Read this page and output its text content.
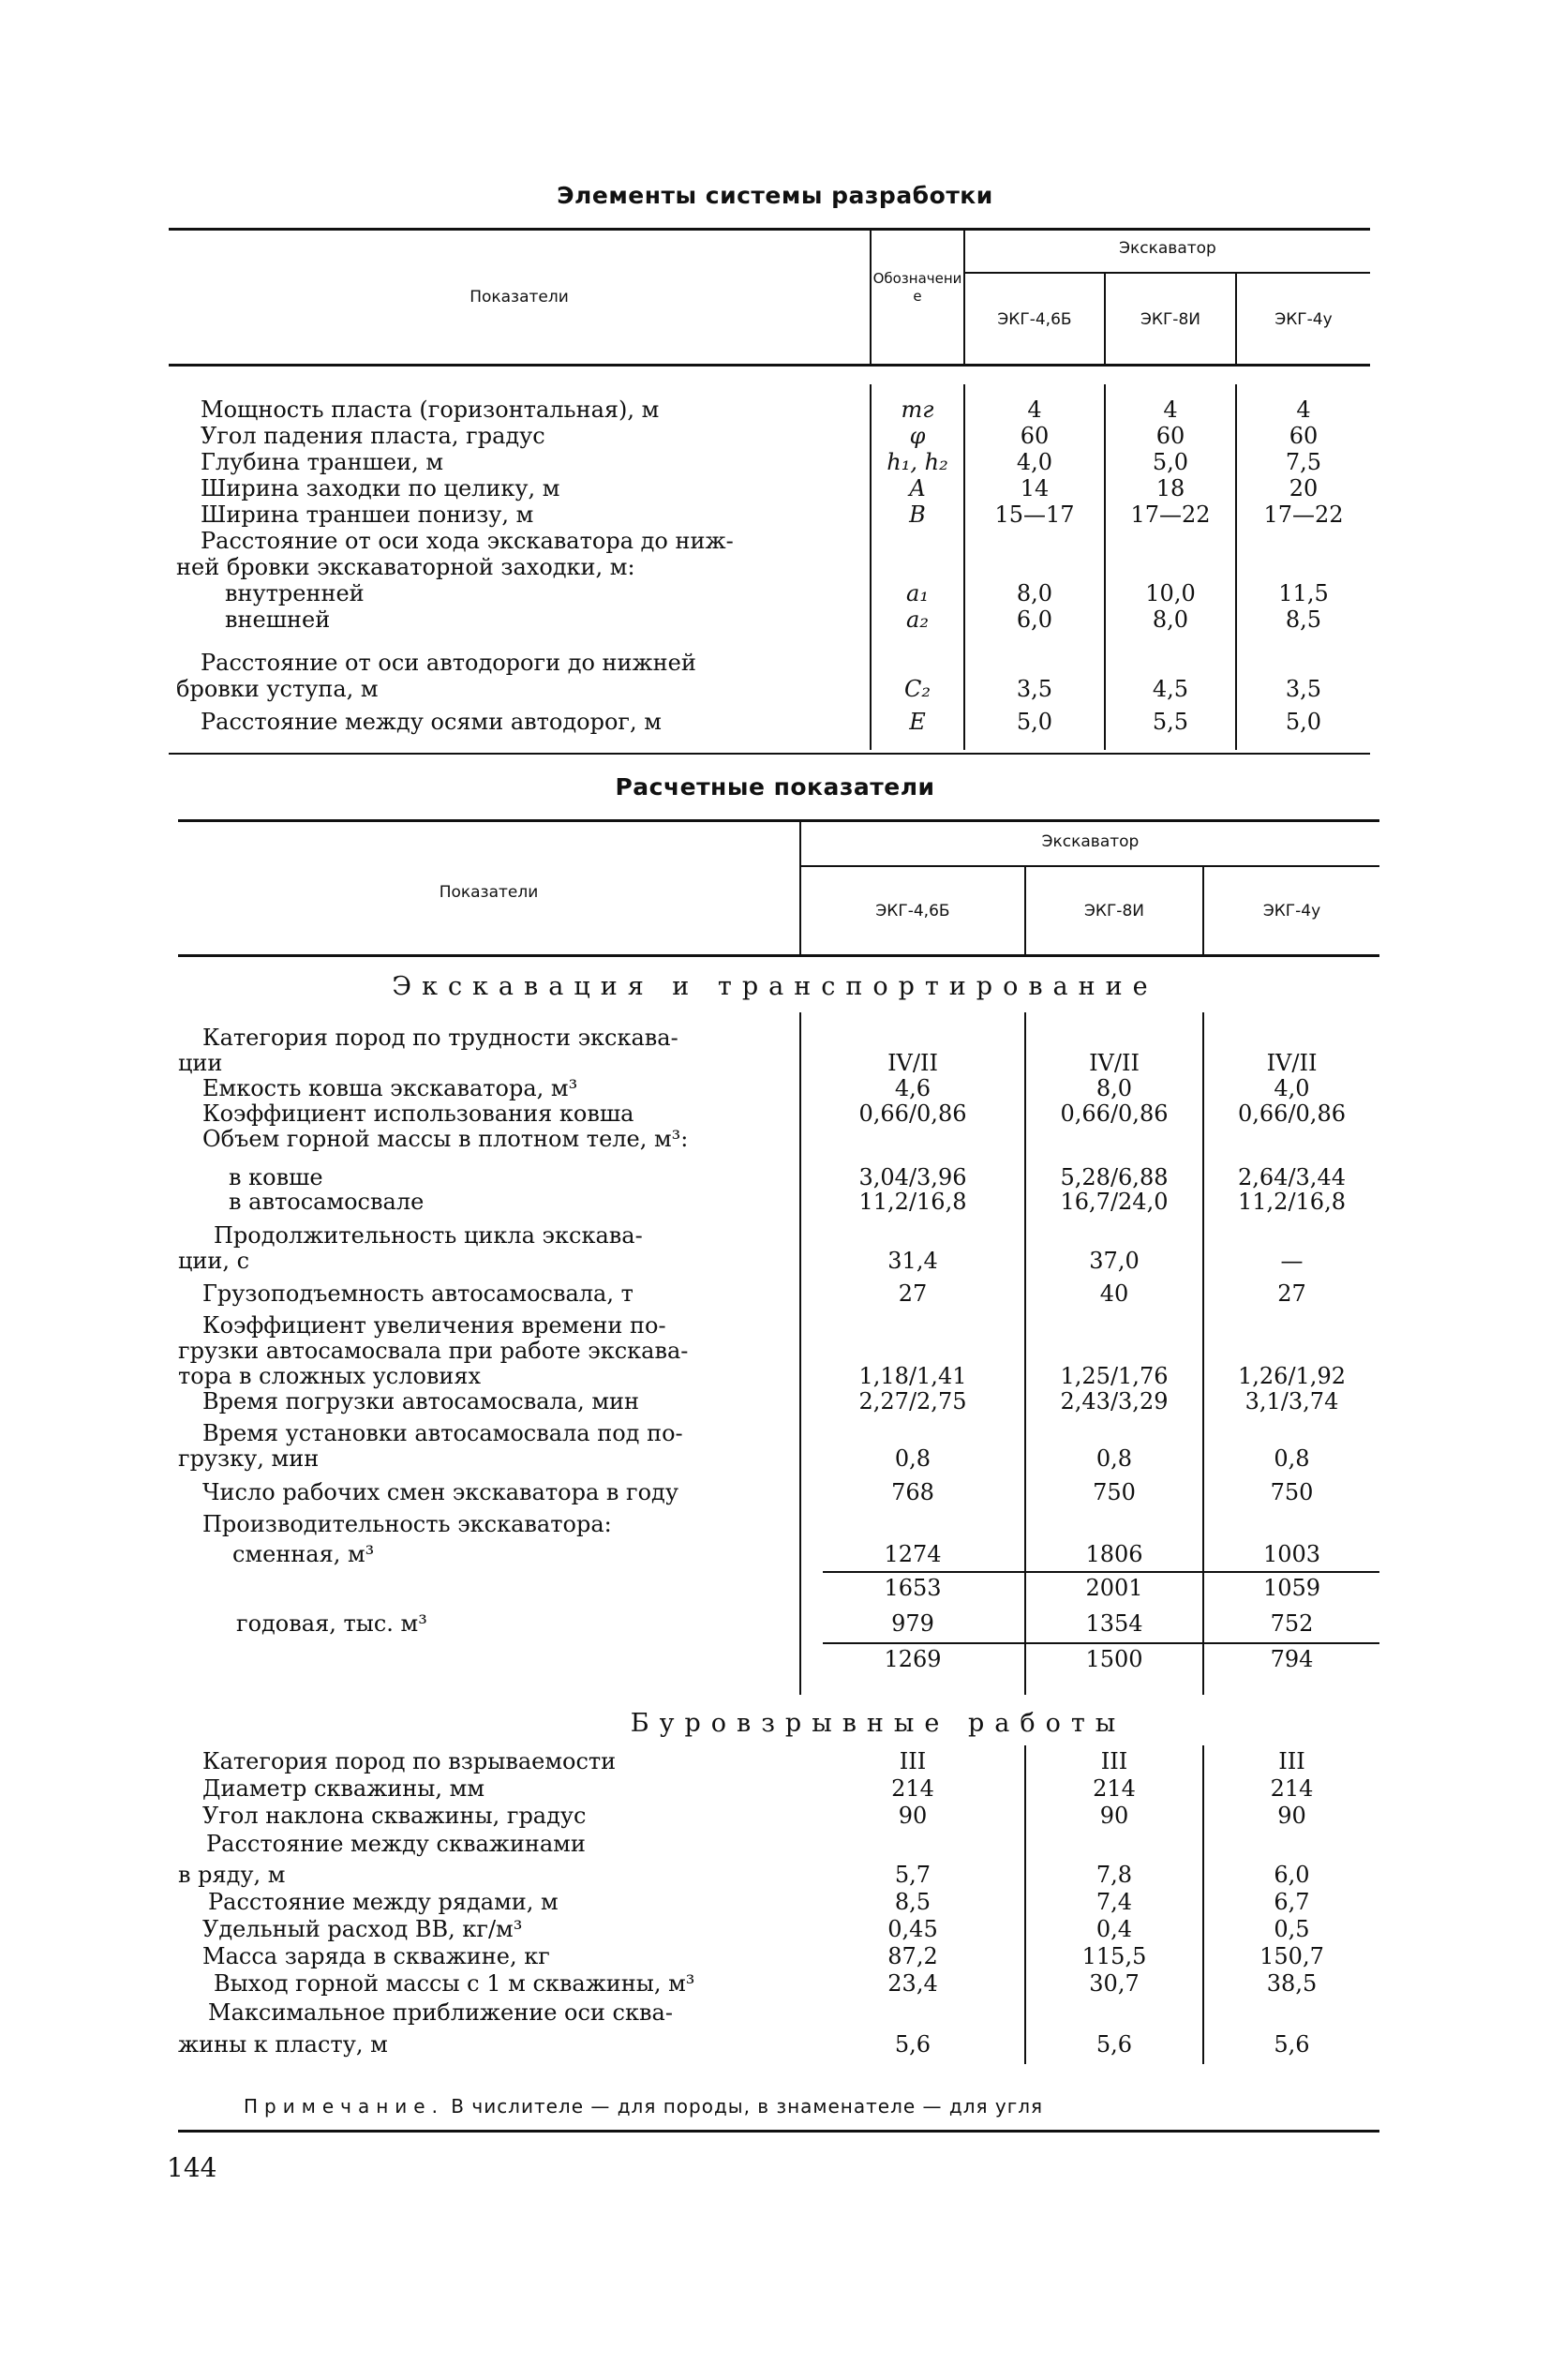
Элементы системы разработки
Показатели
Обозначение
Экскаватор
ЭКГ-4,6Б	ЭКГ-8И	ЭКГ-4у
Мощность пласта (горизонтальная), м	mг	4	4	4
Угол падения пласта, градус	φ	60	60	60
Глубина траншеи, м	h₁, h₂	4,0	5,0	7,5
Ширина заходки по целику, м	A	14	18	20
Ширина траншеи понизу, м	B	15—17	17—22	17—22
Расстояние от оси хода экскаватора до ниж-
ней бровки экскаваторной заходки, м:
внутренней	a₁	8,0	10,0	11,5
внешней	a₂	6,0	8,0	8,5
Расстояние от оси автодороги до нижней
бровки уступа, м	C₂	3,5	4,5	3,5
Расстояние между осями автодорог, м	E	5,0	5,5	5,0
Расчетные показатели
Показатели
Экскаватор
ЭКГ-4,6Б	ЭКГ-8И	ЭКГ-4у
Экскавация и транспортирование
Категория пород по трудности экскава-
ции	IV/II	IV/II	IV/II
Емкость ковша экскаватора, м³	4,6	8,0	4,0
Коэффициент использования ковша	0,66/0,86	0,66/0,86	0,66/0,86
Объем горной массы в плотном теле, м³:
в ковше	3,04/3,96	5,28/6,88	2,64/3,44
в автосамосвале	11,2/16,8	16,7/24,0	11,2/16,8
Продолжительность цикла экскава-
ции, с	31,4	37,0	—
Грузоподъемность автосамосвала, т	27	40	27
Коэффициент увеличения времени по-
грузки автосамосвала при работе экскава-
тора в сложных условиях	1,18/1,41	1,25/1,76	1,26/1,92
Время погрузки автосамосвала, мин	2,27/2,75	2,43/3,29	3,1/3,74
Время установки автосамосвала под по-
грузку, мин	0,8	0,8	0,8
Число рабочих смен экскаватора в году	768	750	750
Производительность экскаватора:
сменная, м³	1274	1806	1003
1653	2001	1059
годовая, тыс. м³	979	1354	752
1269	1500	794
Буровзрывные работы
Категория пород по взрываемости	III	III	III
Диаметр скважины, мм	214	214	214
Угол наклона скважины, градус	90	90	90
Расстояние между скважинами
в ряду, м	5,7	7,8	6,0
Расстояние между рядами, м	8,5	7,4	6,7
Удельный расход ВВ, кг/м³	0,45	0,4	0,5
Масса заряда в скважине, кг	87,2	115,5	150,7
Выход горной массы с 1 м скважины, м³	23,4	30,7	38,5
Максимальное приближение оси сква-
жины к пласту, м	5,6	5,6	5,6
Примечание. В числителе — для породы, в знаменателе — для угля
144
